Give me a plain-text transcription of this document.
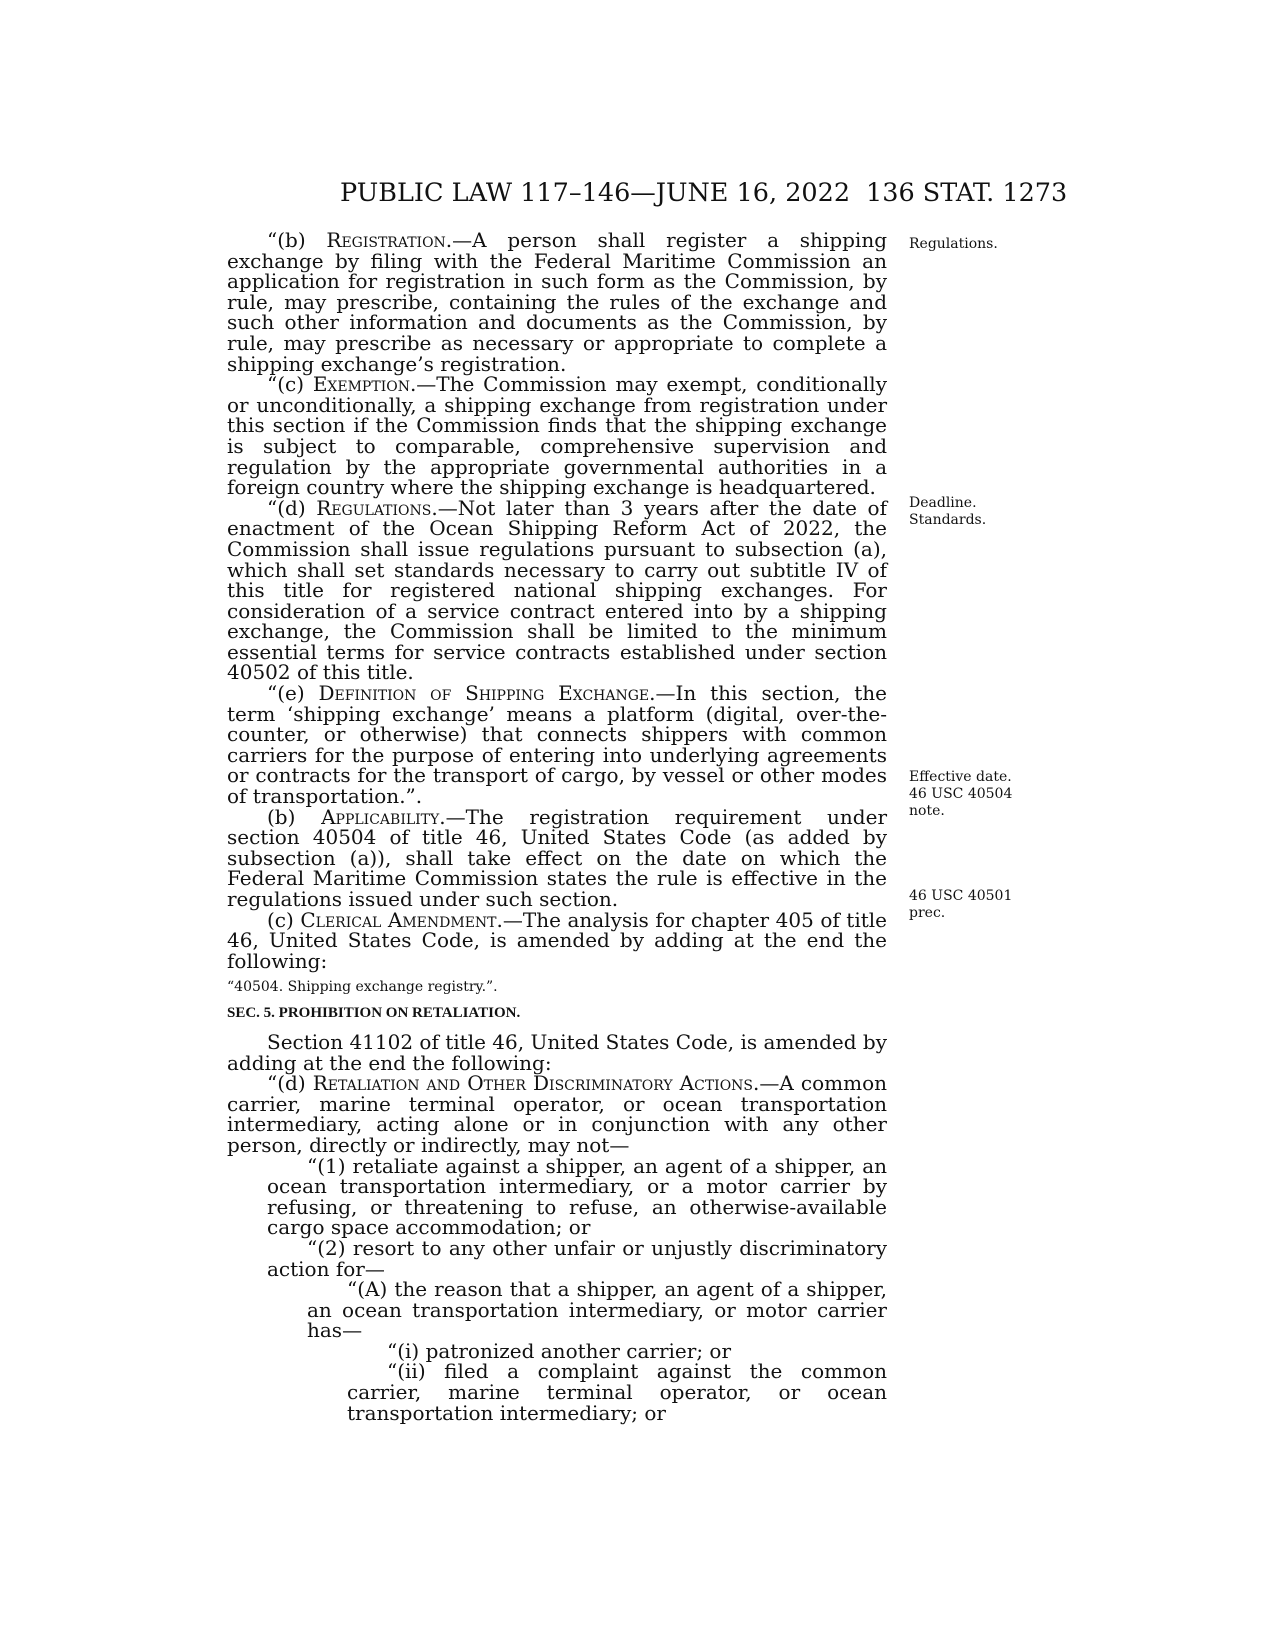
PUBLIC LAW 117–146—JUNE 16, 2022 136 STAT. 1273

“(b) Registration.—A person shall register a shipping exchange by filing with the Federal Maritime Commission an application for registration in such form as the Commission, by rule, may prescribe, containing the rules of the exchange and such other information and documents as the Commission, by rule, may prescribe as necessary or appropriate to complete a shipping exchange’s registration.

“(c) Exemption.—The Commission may exempt, conditionally or unconditionally, a shipping exchange from registration under this section if the Commission finds that the shipping exchange is subject to comparable, comprehensive supervision and regulation by the appropriate governmental authorities in a foreign country where the shipping exchange is headquartered.

“(d) Regulations.—Not later than 3 years after the date of enactment of the Ocean Shipping Reform Act of 2022, the Commission shall issue regulations pursuant to subsection (a), which shall set standards necessary to carry out subtitle IV of this title for registered national shipping exchanges. For consideration of a service contract entered into by a shipping exchange, the Commission shall be limited to the minimum essential terms for service contracts established under section 40502 of this title.

“(e) Definition of Shipping Exchange.—In this section, the term ‘shipping exchange’ means a platform (digital, over-the-counter, or otherwise) that connects shippers with common carriers for the purpose of entering into underlying agreements or contracts for the transport of cargo, by vessel or other modes of transportation.”.

(b) Applicability.—The registration requirement under section 40504 of title 46, United States Code (as added by subsection (a)), shall take effect on the date on which the Federal Maritime Commission states the rule is effective in the regulations issued under such section.

(c) Clerical Amendment.—The analysis for chapter 405 of title 46, United States Code, is amended by adding at the end the following:

“40504. Shipping exchange registry.”.
SEC. 5. PROHIBITION ON RETALIATION.

Section 41102 of title 46, United States Code, is amended by adding at the end the following:

“(d) Retaliation and Other Discriminatory Actions.—A common carrier, marine terminal operator, or ocean transportation intermediary, acting alone or in conjunction with any other person, directly or indirectly, may not—

“(1) retaliate against a shipper, an agent of a shipper, an ocean transportation intermediary, or a motor carrier by refusing, or threatening to refuse, an otherwise-available cargo space accommodation; or

“(2) resort to any other unfair or unjustly discriminatory action for—

“(A) the reason that a shipper, an agent of a shipper, an ocean transportation intermediary, or motor carrier has—

“(i) patronized another carrier; or

“(ii) filed a complaint against the common carrier, marine terminal operator, or ocean transportation intermediary; or

Regulations.
Deadline.
Standards.
Effective date.
46 USC 40504
note.
46 USC 40501
prec.
